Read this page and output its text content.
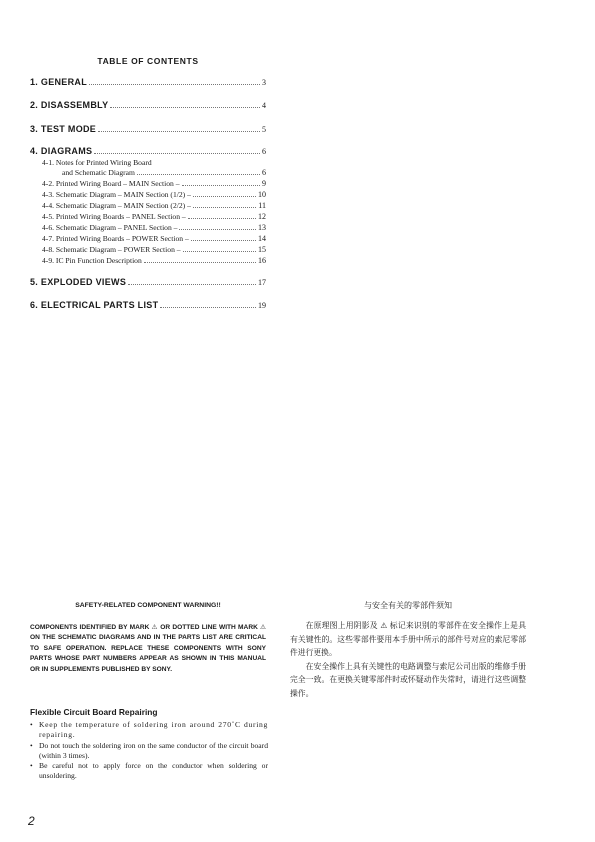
TABLE OF CONTENTS
1. GENERAL	3
2. DISASSEMBLY	4
3. TEST MODE	5
4. DIAGRAMS	6
4-1. Notes for Printed Wiring Board
and Schematic Diagram	6
4-2. Printed Wiring Board – MAIN Section –	9
4-3. Schematic Diagram – MAIN Section (1/2) –	10
4-4. Schematic Diagram – MAIN Section (2/2) –	11
4-5. Printed Wiring Boards – PANEL Section –	12
4-6. Schematic Diagram – PANEL Section –	13
4-7. Printed Wiring Boards – POWER Section –	14
4-8. Schematic Diagram – POWER Section –	15
4-9. IC Pin Function Description	16
5. EXPLODED VIEWS	17
6. ELECTRICAL PARTS LIST	19
SAFETY-RELATED COMPONENT WARNING!!
COMPONENTS IDENTIFIED BY MARK ⚠ OR DOTTED LINE WITH MARK ⚠ ON THE SCHEMATIC DIAGRAMS AND IN THE PARTS LIST ARE CRITICAL TO SAFE OPERATION. REPLACE THESE COMPONENTS WITH SONY PARTS WHOSE PART NUMBERS APPEAR AS SHOWN IN THIS MANUAL OR IN SUPPLEMENTS PUBLISHED BY SONY.
与安全有关的零部件须知

在原理图上用阴影及 ⚠ 标记来识别的零部件在安全操作上是具有关键性的。这些零部件要用本手册中所示的部件号对应的索尼零部件进行更换。

在安全操作上具有关键性的电路调整与索尼公司出版的维修手册完全一致。在更换关键零部件时或怀疑动作失常时，请进行这些调整操作。

Flexible Circuit Board Repairing
• Keep the temperature of soldering iron around 270˚C during repairing.
• Do not touch the soldering iron on the same conductor of the circuit board (within 3 times).
• Be careful not to apply force on the conductor when soldering or unsoldering.
2
